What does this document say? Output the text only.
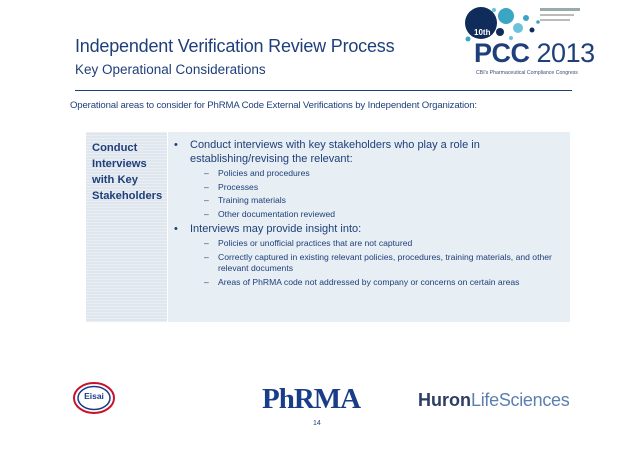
10th
PCC 2013
CBI's Pharmaceutical Compliance Congress
Independent Verification Review Process
Key Operational Considerations
Operational areas to consider for PhRMA Code External Verifications by Independent Organization:
Conduct Interviews with Key Stakeholders
• Conduct interviews with key stakeholders who play a role in establishing/revising the relevant:
– Policies and procedures
– Processes
– Training materials
– Other documentation reviewed
• Interviews may provide insight into:
– Policies or unofficial practices that are not captured
– Correctly captured in existing relevant policies, procedures, training materials, and other relevant documents
– Areas of PhRMA code not addressed by company or concerns on certain areas
Eisai	PhRMA	HuronLifeSciences
14
